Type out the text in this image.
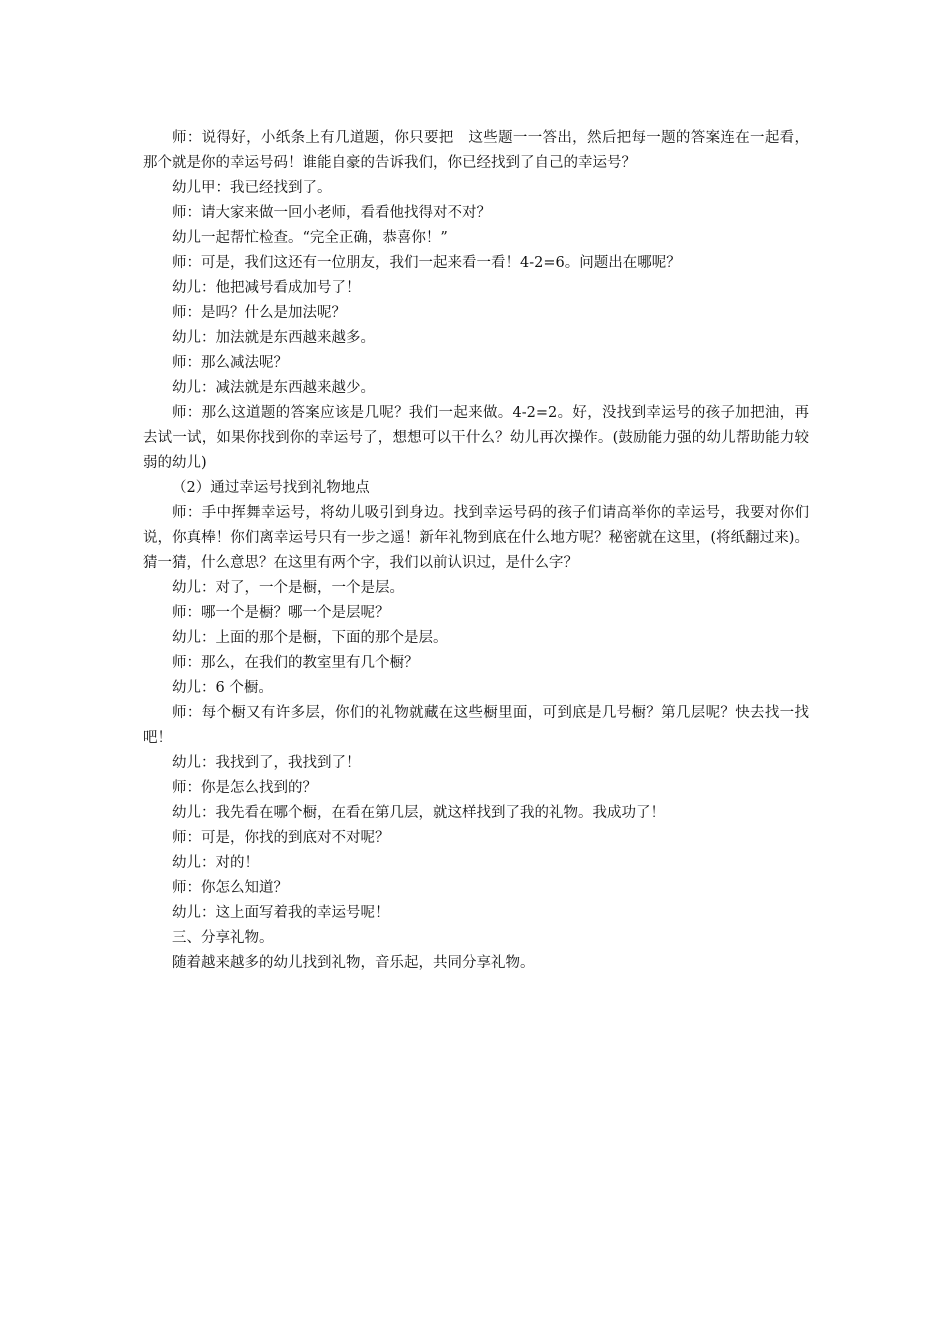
师：说得好，小纸条上有几道题，你只要把　这些题一一答出，然后把每一题的答案连在一起看，那个就是你的幸运号码！谁能自豪的告诉我们，你已经找到了自己的幸运号？

幼儿甲：我已经找到了。

师：请大家来做一回小老师，看看他找得对不对？

幼儿一起帮忙检查。“完全正确，恭喜你！”

师：可是，我们这还有一位朋友，我们一起来看一看！4-2=6。问题出在哪呢？

幼儿：他把减号看成加号了！

师：是吗？什么是加法呢？

幼儿：加法就是东西越来越多。

师：那么减法呢？

幼儿：减法就是东西越来越少。

师：那么这道题的答案应该是几呢？我们一起来做。4-2=2。好，没找到幸运号的孩子加把油，再去试一试，如果你找到你的幸运号了，想想可以干什么？幼儿再次操作。(鼓励能力强的幼儿帮助能力较弱的幼儿)

（2）通过幸运号找到礼物地点

师：手中挥舞幸运号，将幼儿吸引到身边。找到幸运号码的孩子们请高举你的幸运号，我要对你们说，你真棒！你们离幸运号只有一步之遥！新年礼物到底在什么地方呢？秘密就在这里，(将纸翻过来)。猜一猜，什么意思？在这里有两个字，我们以前认识过，是什么字？

幼儿：对了，一个是橱，一个是层。

师：哪一个是橱？哪一个是层呢？

幼儿：上面的那个是橱，下面的那个是层。

师：那么，在我们的教室里有几个橱？

幼儿：6 个橱。

师：每个橱又有许多层，你们的礼物就藏在这些橱里面，可到底是几号橱？第几层呢？快去找一找吧！

幼儿：我找到了，我找到了！

师：你是怎么找到的？

幼儿：我先看在哪个橱，在看在第几层，就这样找到了我的礼物。我成功了！

师：可是，你找的到底对不对呢？

幼儿：对的！

师：你怎么知道？

幼儿：这上面写着我的幸运号呢！

三、分享礼物。

随着越来越多的幼儿找到礼物，音乐起，共同分享礼物。
